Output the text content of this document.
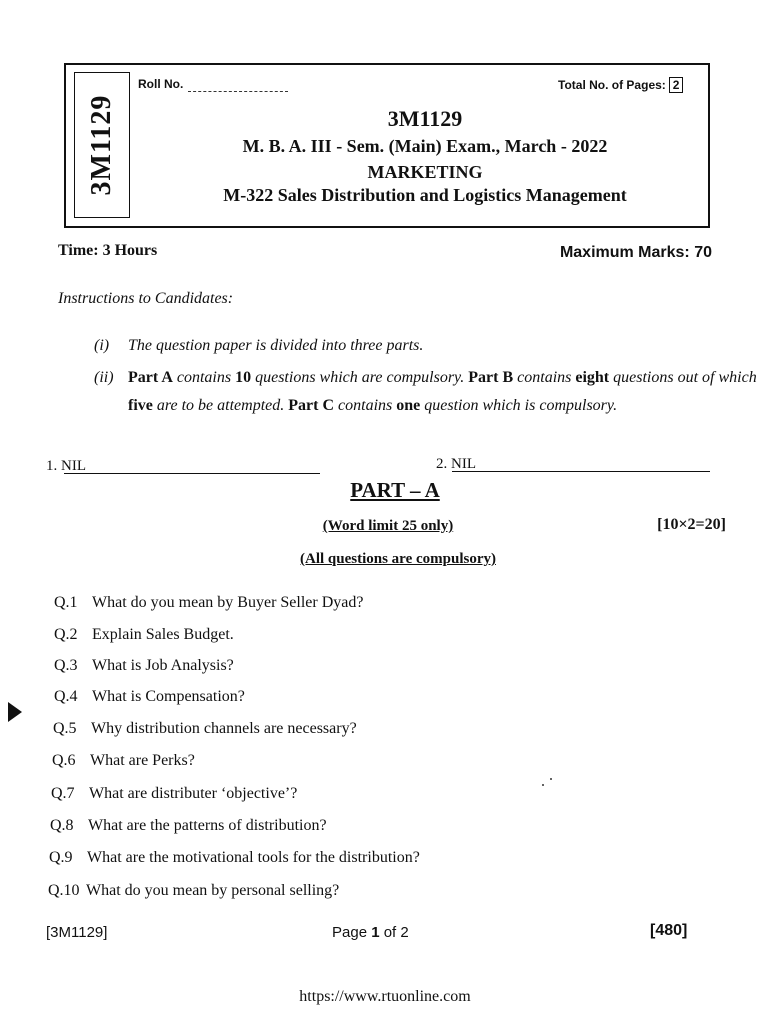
3M1129
Roll No.	Total No. of Pages: 2
3M1129
M. B. A. III - Sem. (Main) Exam., March - 2022
MARKETING
M-322 Sales Distribution and Logistics Management
Time: 3 Hours	Maximum Marks: 70
Instructions to Candidates:
(i) The question paper is divided into three parts.
(ii) Part A contains 10 questions which are compulsory. Part B contains eight questions out of which five are to be attempted. Part C contains one question which is compulsory.
1. NIL	2. NIL
PART – A
(Word limit 25 only)	[10×2=20]
(All questions are compulsory)
Q.1 What do you mean by Buyer Seller Dyad?
Q.2 Explain Sales Budget.
Q.3 What is Job Analysis?
Q.4 What is Compensation?
Q.5 Why distribution channels are necessary?
Q.6 What are Perks?
Q.7 What are distributer ‘objective’?
Q.8 What are the patterns of distribution?
Q.9 What are the motivational tools for the distribution?
Q.10 What do you mean by personal selling?
[3M1129]	Page 1 of 2	[480]
https://www.rtuonline.com
